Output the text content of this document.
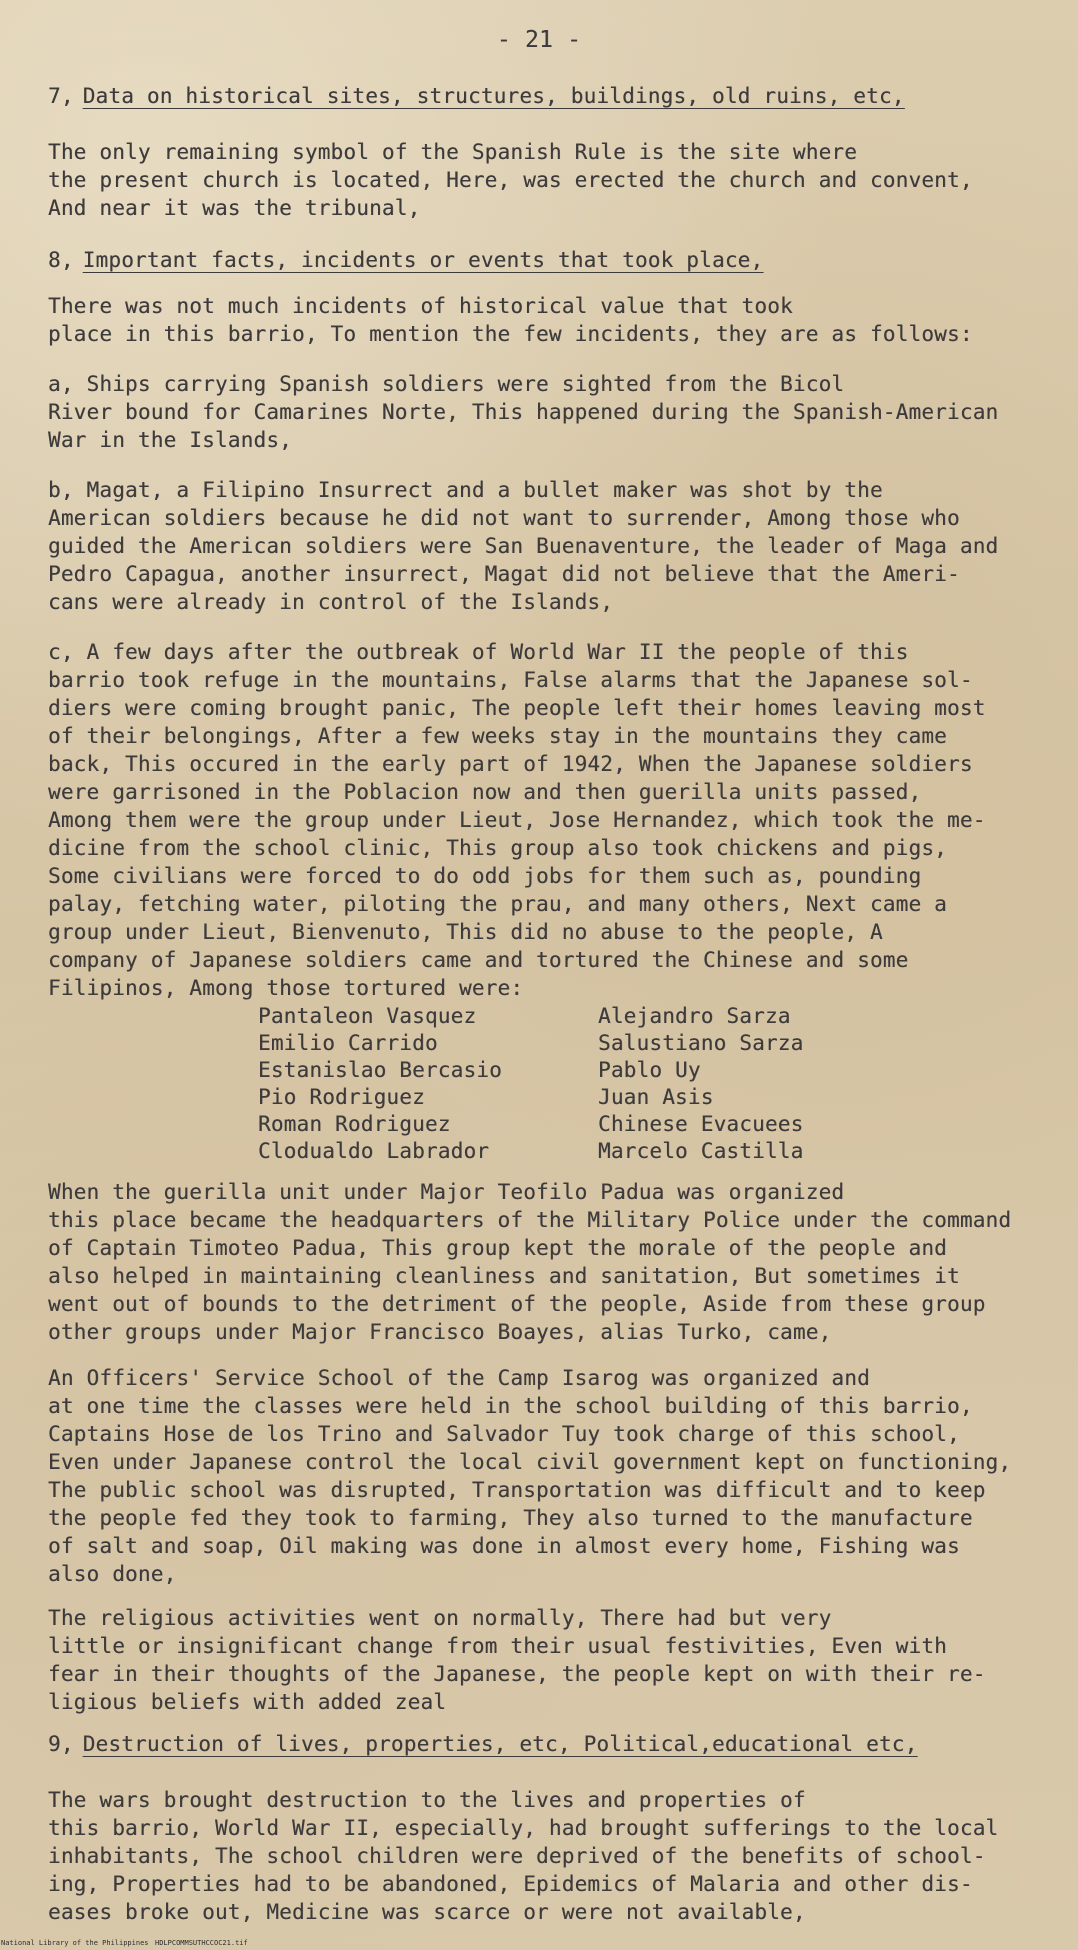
- 21 -
7, Data on historical sites, structures, buildings, old ruins, etc,

The only remaining symbol of the Spanish Rule is the site where
the present church is located, Here, was erected the church and convent,
And near it was the tribunal,

8, Important facts, incidents or events that took place,

There was not much incidents of historical value that took
place in this barrio, To mention the few incidents, they are as follows:

a, Ships carrying Spanish soldiers were sighted from the Bicol
River bound for Camarines Norte, This happened during the Spanish-American
War in the Islands,

b, Magat, a Filipino Insurrect and a bullet maker was shot by the
American soldiers because he did not want to surrender, Among those who
guided the American soldiers were San Buenaventure, the leader of Maga and
Pedro Capagua, another insurrect, Magat did not believe that the Ameri-
cans were already in control of the Islands,

c, A few days after the outbreak of World War II the people of this
barrio took refuge in the mountains, False alarms that the Japanese sol-
diers were coming brought panic, The people left their homes leaving most
of their belongings, After a few weeks stay in the mountains they came
back, This occured in the early part of 1942, When the Japanese soldiers
were garrisoned in the Poblacion now and then guerilla units passed,
Among them were the group under Lieut, Jose Hernandez, which took the me-
dicine from the school clinic, This group also took chickens and pigs,
Some civilians were forced to do odd jobs for them such as, pounding
palay, fetching water, piloting the prau, and many others, Next came a
group under Lieut, Bienvenuto, This did no abuse to the people, A
company of Japanese soldiers came and tortured the Chinese and some
Filipinos, Among those tortured were:

Pantaleon Vasquez
Emilio Carrido
Estanislao Bercasio
Pio Rodriguez
Roman Rodriguez
Clodualdo Labrador
Alejandro Sarza
Salustiano Sarza
Pablo Uy
Juan Asis
Chinese Evacuees
Marcelo Castilla

When the guerilla unit under Major Teofilo Padua was organized
this place became the headquarters of the Military Police under the command
of Captain Timoteo Padua, This group kept the morale of the people and
also helped in maintaining cleanliness and sanitation, But sometimes it
went out of bounds to the detriment of the people, Aside from these group
other groups under Major Francisco Boayes, alias Turko, came,

An Officers' Service School of the Camp Isarog was organized and
at one time the classes were held in the school building of this barrio,
Captains Hose de los Trino and Salvador Tuy took charge of this school,
Even under Japanese control the local civil government kept on functioning,
The public school was disrupted, Transportation was difficult and to keep
the people fed they took to farming, They also turned to the manufacture
of salt and soap, Oil making was done in almost every home, Fishing was
also done,

The religious activities went on normally, There had but very
little or insignificant change from their usual festivities, Even with
fear in their thoughts of the Japanese, the people kept on with their re-
ligious beliefs with added zeal

9, Destruction of lives, properties, etc, Political,educational etc,

The wars brought destruction to the lives and properties of
this barrio, World War II, especially, had brought sufferings to the local
inhabitants, The school children were deprived of the benefits of school-
ing, Properties had to be abandoned, Epidemics of Malaria and other dis-
eases broke out, Medicine was scarce or were not available,

National Library of the Philippines HDLPCOMMSUTHCCOC21.tif
